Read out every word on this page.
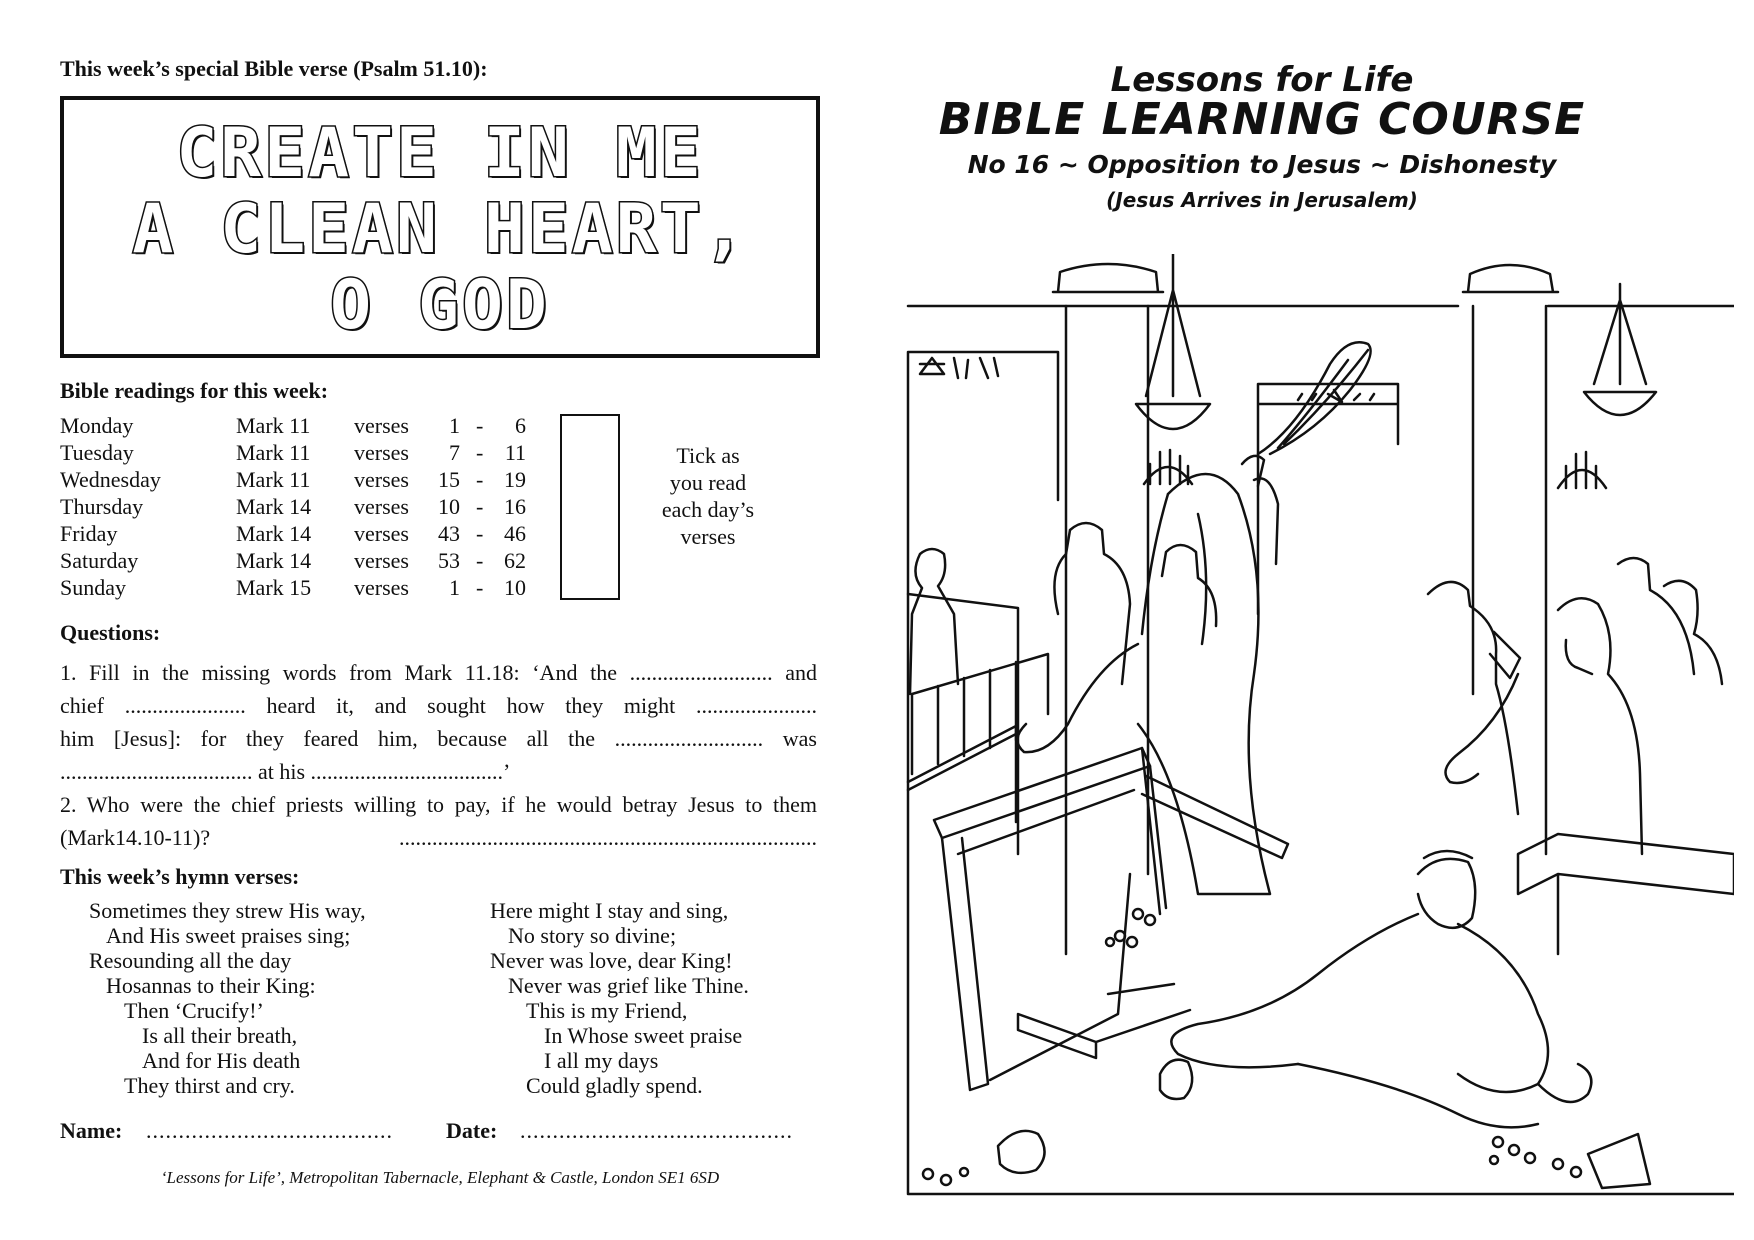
This week’s special Bible verse (Psalm 51.10):
CREATE IN ME
A CLEAN HEART,
O GOD
Bible readings for this week:
Monday	Mark 11 verses	1 -	6
Tuesday	Mark 11 verses	7 - 11
Wednesday	Mark 11 verses	15 - 19
Thursday	Mark 14 verses	10 - 16
Friday	Mark 14 verses	43 - 46
Saturday	Mark 14 verses	53 - 62
Sunday	Mark 15 verses	1 - 10
Tick as
you read
each day’s
verses
Questions:
1. Fill in the missing words from Mark 11.18: ‘And the .......................... and
chief ...................... heard it, and sought how they might ......................
him [Jesus]: for they feared him, because all the ........................... was
................................... at his ...................................’
2. Who were the chief priests willing to pay, if he would betray Jesus to them
(Mark14.10-11)? ............................................................................
This week’s hymn verses:
Sometimes they strew His way,
And His sweet praises sing;
Resounding all the day
Hosannas to their King:
Then ‘Crucify!’
Is all their breath,
And for His death
They thirst and cry.
Here might I stay and sing,
No story so divine;
Never was love, dear King!
Never was grief like Thine.
This is my Friend,
In Whose sweet praise
I all my days
Could gladly spend.
Name: ...................................... Date: ..........................................
‘Lessons for Life’, Metropolitan Tabernacle, Elephant & Castle, London SE1 6SD
Lessons for Life
BIBLE LEARNING COURSE
No 16 ~ Opposition to Jesus ~ Dishonesty
(Jesus Arrives in Jerusalem)
